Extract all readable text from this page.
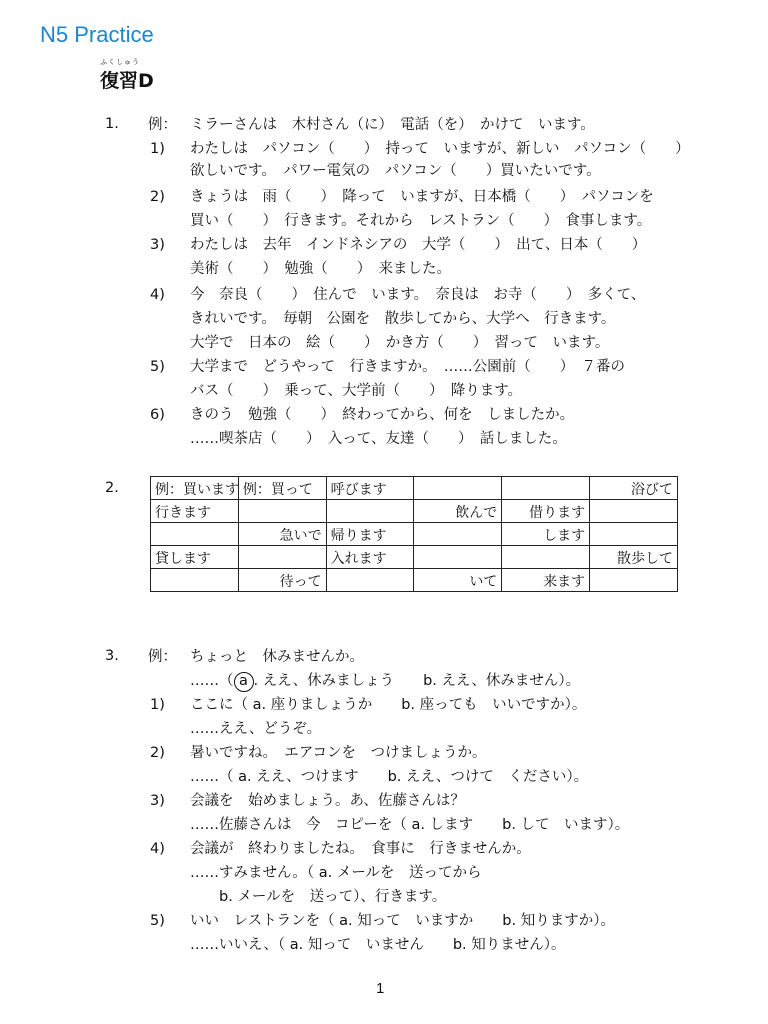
N5 Practice
ふくしゅう
復習D
1. 例： ミラーさんは　木村さん（に）　電話（を）　かけて　います。
1) わたしは　パソコン（　　）　持って　いますが、新しい　パソコン（　　）
欲しいです。　パワー電気の　パソコン（　　）買いたいです。
2) きょうは　雨（　　）　降って　いますが、日本橋（　　）　パソコンを
買い（　　）　行きます。それから　レストラン（　　）　食事します。
3) わたしは　去年　インドネシアの　大学（　　）　出て、日本（　　）
美術（　　）　勉強（　　）　来ました。
4) 今　奈良（　　）　住んで　います。　奈良は　お寺（　　）　多くて、
きれいです。　毎朝　公園を　散歩してから、大学へ　行きます。
大学で　日本の　絵（　　）　かき方（　　）　習って　います。
5) 大学まで　どうやって　行きますか。　……公園前（　　）　７番の
バス（　　）　乗って、大学前（　　）　降ります。
6) きのう　勉強（　　）　終わってから、何を　しましたか。
……喫茶店（　　）　入って、友達（　　）　話しました。
2.	例：買います	例：買って	呼びます			浴びて
行きます			飲んで	借ります	
	急いで	帰ります		します	
貸します		入れます			散歩して
	待って		いて	来ます	
3. 例： ちょっと　休みませんか。
……（ a . ええ、休みましょう　　b. ええ、休みません）。
1) ここに（ a. 座りましょうか　　b. 座っても　いいですか）。
……ええ、どうぞ。
2) 暑いですね。　エアコンを　つけましょうか。
……（ a. ええ、つけます　　b. ええ、つけて　ください）。
3) 会議を　始めましょう。あ、佐藤さんは？
……佐藤さんは　今　コピーを（ a. します　　b. して　います）。
4) 会議が　終わりましたね。　食事に　行きませんか。
……すみません。（ a. メールを　送ってから
　　b. メールを　送って）、行きます。
5) いい　レストランを（ a. 知って　いますか　　b. 知りますか）。
……いいえ、（ a. 知って　いません　　b. 知りません）。
1
